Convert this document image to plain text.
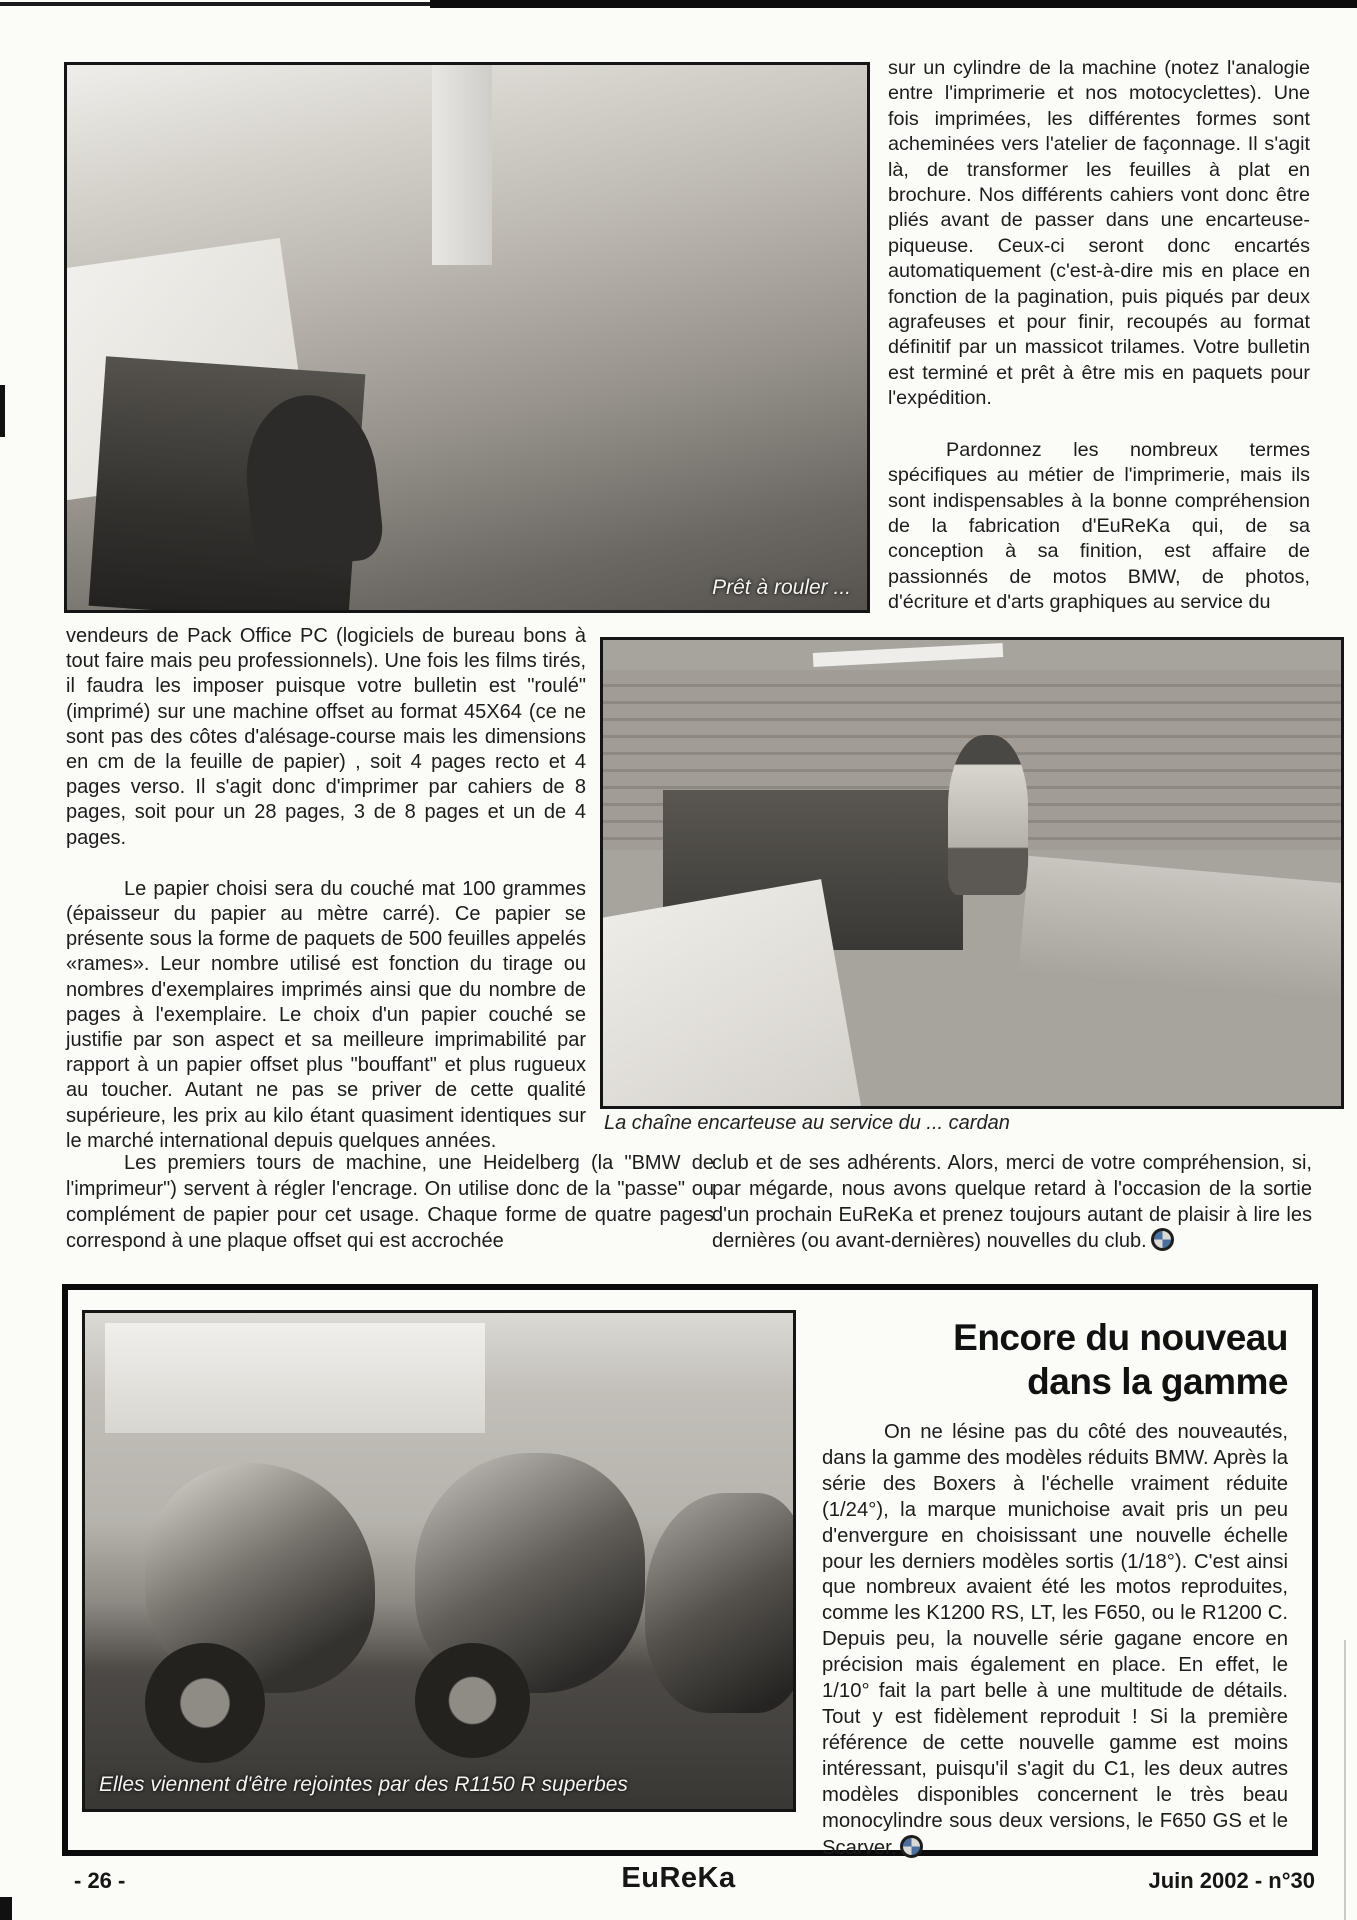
Prêt à rouler ...

sur un cylindre de la machine (notez l'analogie entre l'imprimerie et nos motocyclettes). Une fois imprimées, les différentes formes sont acheminées vers l'atelier de façonnage. Il s'agit là, de transformer les feuilles à plat en brochure. Nos différents cahiers vont donc être pliés avant de passer dans une encarteuse-piqueuse. Ceux-ci seront donc encartés automatiquement (c'est-à-dire mis en place en fonction de la pagination, puis piqués par deux agrafeuses et pour finir, recoupés au format définitif par un massicot trilames. Votre bulletin est terminé et prêt à être mis en paquets pour l'expédition.

Pardonnez les nombreux termes spécifiques au métier de l'imprimerie, mais ils sont indispensables à la bonne compréhension de la fabrication d'EuReKa qui, de sa conception à sa finition, est affaire de passionnés de motos BMW, de photos, d'écriture et d'arts graphiques au service du

vendeurs de Pack Office PC (logiciels de bureau bons à tout faire mais peu professionnels). Une fois les films tirés, il faudra les imposer puisque votre bulletin est "roulé" (imprimé) sur une machine offset au format 45X64 (ce ne sont pas des côtes d'alésage-course mais les dimensions en cm de la feuille de papier) , soit 4 pages recto et 4 pages verso. Il s'agit donc d'imprimer par cahiers de 8 pages, soit pour un 28 pages, 3 de 8 pages et un de 4 pages.

Le papier choisi sera du couché mat 100 grammes (épaisseur du papier au mètre carré). Ce papier se présente sous la forme de paquets de 500 feuilles appelés «rames». Leur nombre utilisé est fonction du tirage ou nombres d'exemplaires imprimés ainsi que du nombre de pages à l'exemplaire. Le choix d'un papier couché se justifie par son aspect et sa meilleure imprimabilité par rapport à un papier offset plus "bouffant" et plus rugueux au toucher. Autant ne pas se priver de cette qualité supérieure, les prix au kilo étant quasiment identiques sur le marché international depuis quelques années.

La chaîne encarteuse au service du ... cardan

Les premiers tours de machine, une Heidelberg (la "BMW de l'imprimeur") servent à régler l'encrage. On utilise donc de la "passe" ou complément de papier pour cet usage. Chaque forme de quatre pages correspond à une plaque offset qui est accrochée

club et de ses adhérents. Alors, merci de votre compréhension, si, par mégarde, nous avons quelque retard à l'occasion de la sortie d'un prochain EuReKa et prenez toujours autant de plaisir à lire les dernières (ou avant-dernières) nouvelles du club.

Elles viennent d'être rejointes par des R1150 R superbes
Encore du nouveau
dans la gamme

On ne lésine pas du côté des nouveautés, dans la gamme des modèles réduits BMW. Après la série des Boxers à l'échelle vraiment réduite (1/24°), la marque munichoise avait pris un peu d'envergure en choisissant une nouvelle échelle pour les derniers modèles sortis (1/18°). C'est ainsi que nombreux avaient été les motos reproduites, comme les K1200 RS, LT, les F650, ou le R1200 C. Depuis peu, la nouvelle série gagane encore en précision mais également en place. En effet, le 1/10° fait la part belle à une multitude de détails. Tout y est fidèlement reproduit ! Si la première référence de cette nouvelle gamme est moins intéressant, puisqu'il s'agit du C1, les deux autres modèles disponibles concernent le très beau monocylindre sous deux versions, le F650 GS et le Scarver.

- 26 -	EuReKa	Juin 2002 - n°30
